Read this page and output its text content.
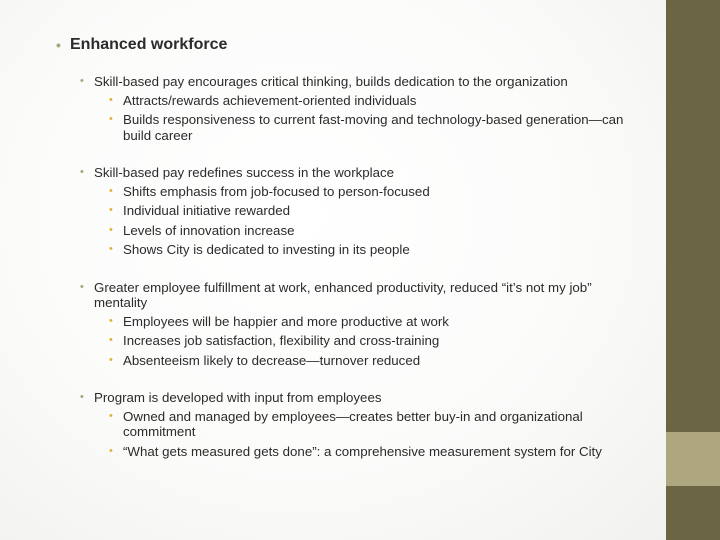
• Enhanced workforce
• Skill-based pay encourages critical thinking, builds dedication to the organization
• Attracts/rewards achievement-oriented individuals
• Builds responsiveness to current fast-moving and technology-based generation—can build career
• Skill-based pay redefines success in the workplace
• Shifts emphasis from job-focused to person-focused
• Individual initiative rewarded
• Levels of innovation increase
• Shows City is dedicated to investing in its people
• Greater employee fulfillment at work, enhanced productivity, reduced “it’s not my job” mentality
• Employees will be happier and more productive at work
• Increases job satisfaction, flexibility and cross-training
• Absenteeism likely to decrease—turnover reduced
• Program is developed with input from employees
• Owned and managed by employees—creates better buy-in and organizational commitment
• “What gets measured gets done”: a comprehensive measurement system for City
